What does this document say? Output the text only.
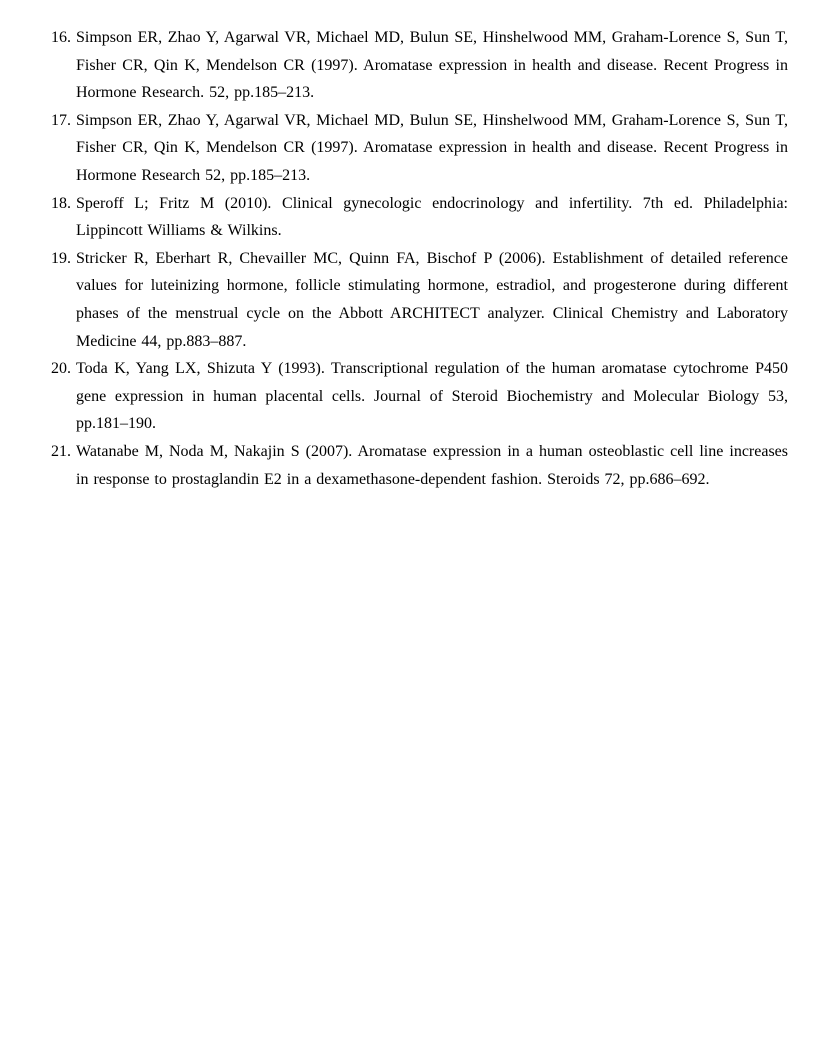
16. Simpson ER, Zhao Y, Agarwal VR, Michael MD, Bulun SE, Hinshelwood MM, Graham-Lorence S, Sun T, Fisher CR, Qin K, Mendelson CR (1997). Aromatase expression in health and disease. Recent Progress in Hormone Research. 52, pp.185–213.
17. Simpson ER, Zhao Y, Agarwal VR, Michael MD, Bulun SE, Hinshelwood MM, Graham-Lorence S, Sun T, Fisher CR, Qin K, Mendelson CR (1997). Aromatase expression in health and disease. Recent Progress in Hormone Research 52, pp.185–213.
18. Speroff L; Fritz M (2010). Clinical gynecologic endocrinology and infertility. 7th ed. Philadelphia: Lippincott Williams & Wilkins.
19. Stricker R, Eberhart R, Chevailler MC, Quinn FA, Bischof P (2006). Establishment of detailed reference values for luteinizing hormone, follicle stimulating hormone, estradiol, and progesterone during different phases of the menstrual cycle on the Abbott ARCHITECT analyzer. Clinical Chemistry and Laboratory Medicine 44, pp.883–887.
20. Toda K, Yang LX, Shizuta Y (1993). Transcriptional regulation of the human aromatase cytochrome P450 gene expression in human placental cells. Journal of Steroid Biochemistry and Molecular Biology 53, pp.181–190.
21. Watanabe M, Noda M, Nakajin S (2007). Aromatase expression in a human osteoblastic cell line increases in response to prostaglandin E2 in a dexamethasone-dependent fashion. Steroids 72, pp.686–692.
